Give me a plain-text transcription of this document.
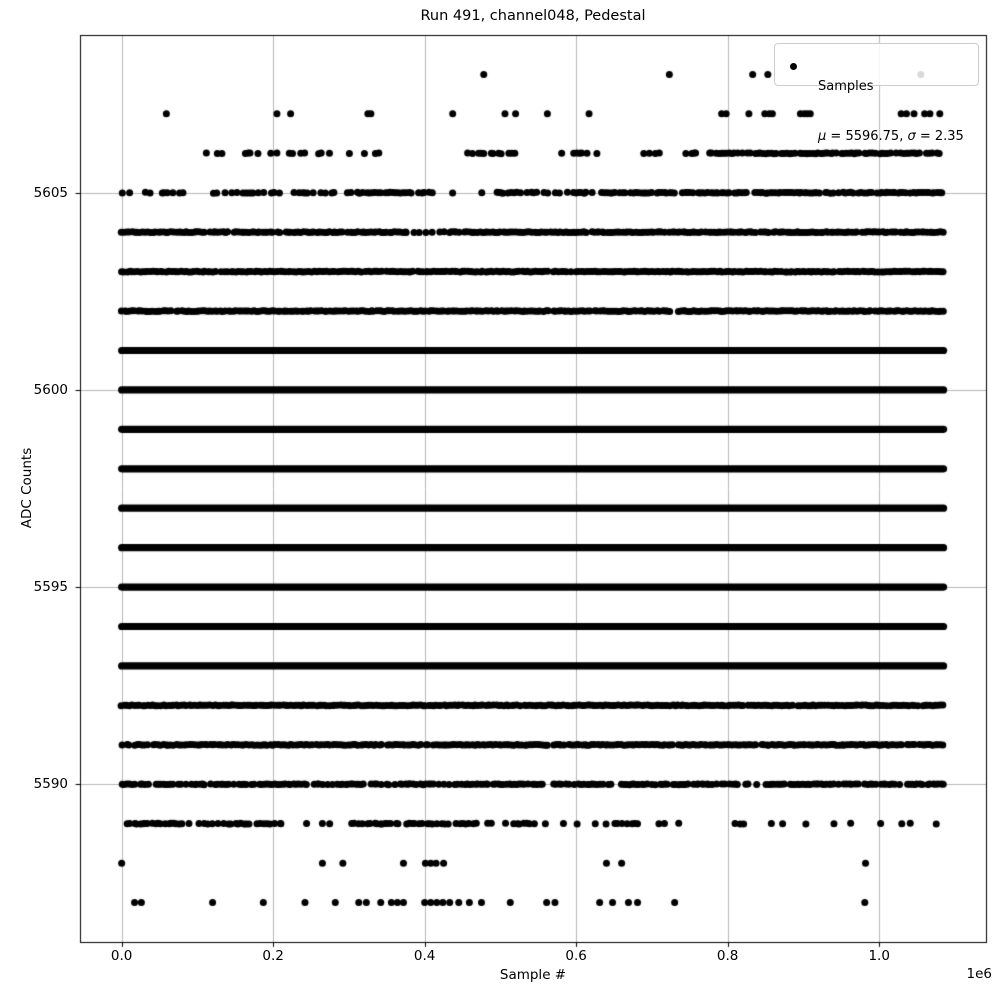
Run 491, channel048, Pedestal
ADC Counts
Sample #	1e6
0.0	0.2	0.4	0.6	0.8	1.0
5590
5595
5600
5605

Samples

μ = 5596.75, σ = 2.35
